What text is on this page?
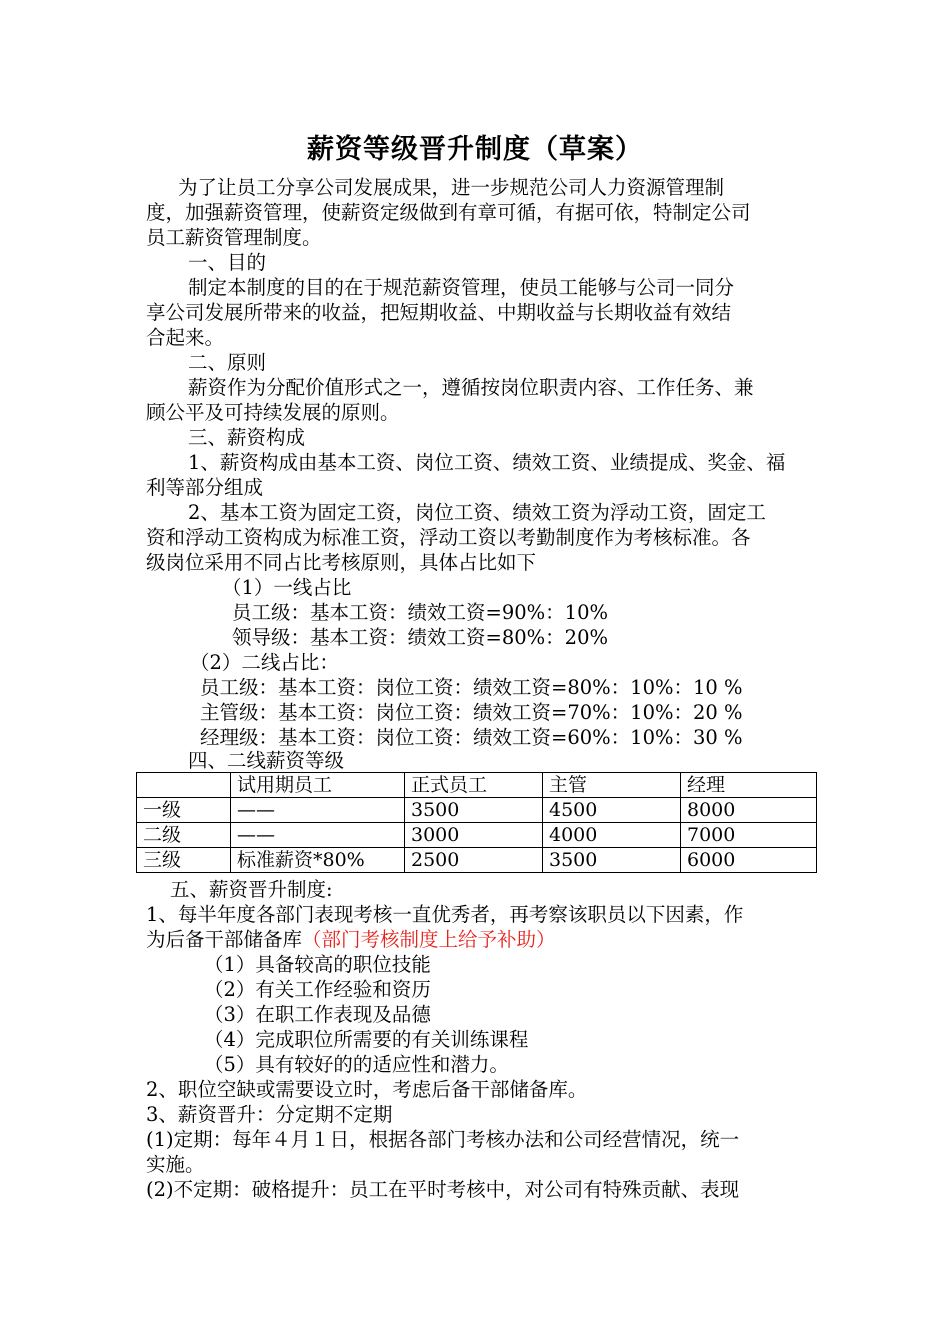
薪资等级晋升制度（草案）
为了让员工分享公司发展成果，进一步规范公司人力资源管理制
度，加强薪资管理，使薪资定级做到有章可循，有据可依，特制定公司
员工薪资管理制度。
一、目的
制定本制度的目的在于规范薪资管理，使员工能够与公司一同分
享公司发展所带来的收益，把短期收益、中期收益与长期收益有效结
合起来。
二、原则
薪资作为分配价值形式之一，遵循按岗位职责内容、工作任务、兼
顾公平及可持续发展的原则。
三、薪资构成
1、薪资构成由基本工资、岗位工资、绩效工资、业绩提成、奖金、福
利等部分组成
2、基本工资为固定工资，岗位工资、绩效工资为浮动工资，固定工
资和浮动工资构成为标准工资，浮动工资以考勤制度作为考核标准。各
级岗位采用不同占比考核原则，具体占比如下
（1）一线占比
员工级：基本工资：绩效工资=90%：10%
领导级：基本工资：绩效工资=80%：20%
（2）二线占比：
员工级：基本工资：岗位工资：绩效工资=80%：10%：10 %
主管级：基本工资：岗位工资：绩效工资=70%：10%：20 %
经理级：基本工资：岗位工资：绩效工资=60%：10%：30 %
四、二线薪资等级
	试用期员工	正式员工	主管	经理
一级	——	3500	4500	8000
二级	——	3000	4000	7000
三级	标准薪资*80%	2500	3500	6000
五、薪资晋升制度:
1、每半年度各部门表现考核一直优秀者，再考察该职员以下因素，作
为后备干部储备库（部门考核制度上给予补助）
（1）具备较高的职位技能
（2）有关工作经验和资历
（3）在职工作表现及品德
（4）完成职位所需要的有关训练课程
（5）具有较好的的适应性和潜力。
2、职位空缺或需要设立时，考虑后备干部储备库。
3、薪资晋升：分定期不定期
(1)定期：每年４月１日，根据各部门考核办法和公司经营情况，统一
实施。
(2)不定期：破格提升：员工在平时考核中，对公司有特殊贡献、表现
